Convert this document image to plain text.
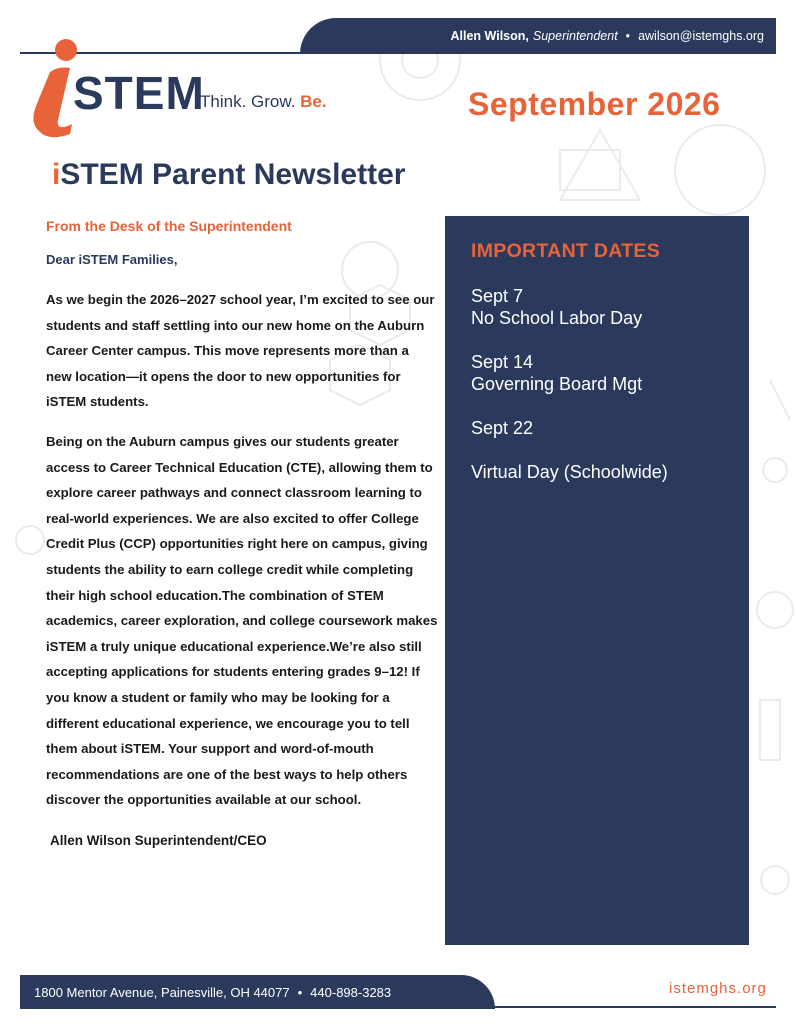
Allen Wilson, Superintendent • awilson@istemghs.org
STEM
Think. Grow. Be.	September 2026
iSTEM Parent Newsletter
From the Desk of the Superintendent
Dear iSTEM Families,

As we begin the 2026–2027 school year, I’m excited to see our students and staff settling into our new home on the Auburn Career Center campus. This move represents more than a new location—it opens the door to new opportunities for iSTEM students.

Being on the Auburn campus gives our students greater access to Career Technical Education (CTE), allowing them to explore career pathways and connect classroom learning to real-world experiences. We are also excited to offer College Credit Plus (CCP) opportunities right here on campus, giving students the ability to earn college credit while completing their high school education.The combination of STEM academics, career exploration, and college coursework makes iSTEM a truly unique educational experience.We’re also still accepting applications for students entering grades 9–12! If you know a student or family who may be looking for a different educational experience, we encourage you to tell them about iSTEM. Your support and word-of-mouth recommendations are one of the best ways to help others discover the opportunities available at our school.

Allen Wilson Superintendent/CEO
IMPORTANT DATES
Sept 7
No School Labor Day
Sept 14
Governing Board Mgt
Sept 22
Virtual Day (Schoolwide)
1800 Mentor Avenue, Painesville, OH 44077 • 440-898-3283	istemghs.org
